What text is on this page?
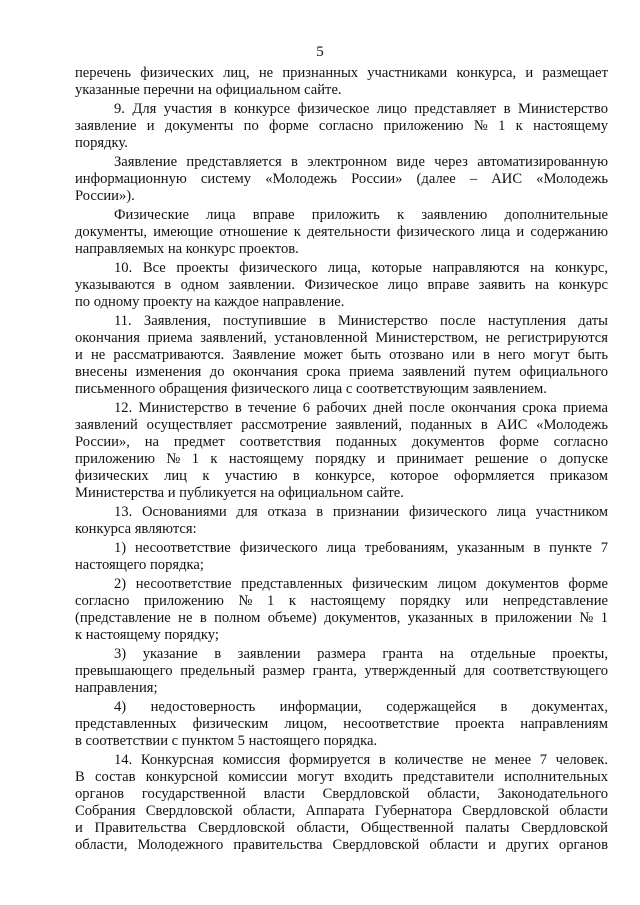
5
перечень физических лиц, не признанных участниками конкурса, и размещает
указанные перечни на официальном сайте.
9. Для участия в конкурсе физическое лицо представляет в Министерство
заявление и документы по форме согласно приложению № 1 к настоящему
порядку.
Заявление представляется в электронном виде через автоматизированную
информационную систему «Молодежь России» (далее – АИС «Молодежь
России»).
Физические лица вправе приложить к заявлению дополнительные
документы, имеющие отношение к деятельности физического лица и содержанию
направляемых на конкурс проектов.
10. Все проекты физического лица, которые направляются на конкурс,
указываются в одном заявлении. Физическое лицо вправе заявить на конкурс
по одному проекту на каждое направление.
11. Заявления, поступившие в Министерство после наступления даты
окончания приема заявлений, установленной Министерством, не регистрируются
и не рассматриваются. Заявление может быть отозвано или в него могут быть
внесены изменения до окончания срока приема заявлений путем официального
письменного обращения физического лица с соответствующим заявлением.
12. Министерство в течение 6 рабочих дней после окончания срока приема
заявлений осуществляет рассмотрение заявлений, поданных в АИС «Молодежь
России», на предмет соответствия поданных документов форме согласно
приложению № 1 к настоящему порядку и принимает решение о допуске
физических лиц к участию в конкурсе, которое оформляется приказом
Министерства и публикуется на официальном сайте.
13. Основаниями для отказа в признании физического лица участником
конкурса являются:
1) несоответствие физического лица требованиям, указанным в пункте 7
настоящего порядка;
2) несоответствие представленных физическим лицом документов форме
согласно приложению № 1 к настоящему порядку или непредставление
(представление не в полном объеме) документов, указанных в приложении № 1
к настоящему порядку;
3) указание в заявлении размера гранта на отдельные проекты,
превышающего предельный размер гранта, утвержденный для соответствующего
направления;
4) недостоверность информации, содержащейся в документах,
представленных физическим лицом, несоответствие проекта направлениям
в соответствии с пунктом 5 настоящего порядка.
14. Конкурсная комиссия формируется в количестве не менее 7 человек.
В состав конкурсной комиссии могут входить представители исполнительных
органов государственной власти Свердловской области, Законодательного
Собрания Свердловской области, Аппарата Губернатора Свердловской области
и Правительства Свердловской области, Общественной палаты Свердловской
области, Молодежного правительства Свердловской области и других органов
